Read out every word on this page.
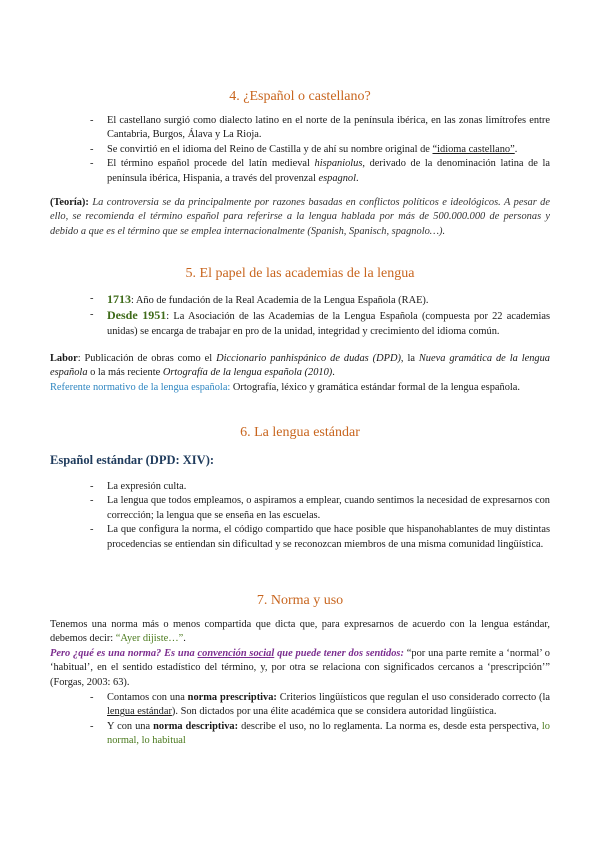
4. ¿Español o castellano?
- El castellano surgió como dialecto latino en el norte de la península ibérica, en las zonas limítrofes entre Cantabria, Burgos, Álava y La Rioja.
- Se convirtió en el idioma del Reino de Castilla y de ahí su nombre original de “idioma castellano”.
- El término español procede del latín medieval hispaniolus, derivado de la denominación latina de la península ibérica, Hispania, a través del provenzal espagnol.

(Teoría): La controversia se da principalmente por razones basadas en conflictos políticos e ideológicos. A pesar de ello, se recomienda el término español para referirse a la lengua hablada por más de 500.000.000 de personas y debido a que es el término que se emplea internacionalmente (Spanish, Spanisch, spagnolo…).

5. El papel de las academias de la lengua
- 1713: Año de fundación de la Real Academia de la Lengua Española (RAE).
- Desde 1951: La Asociación de las Academias de la Lengua Española (compuesta por 22 academias unidas) se encarga de trabajar en pro de la unidad, integridad y crecimiento del idioma común.

Labor: Publicación de obras como el Diccionario panhispánico de dudas (DPD), la Nueva gramática de la lengua española o la más reciente Ortografía de la lengua española (2010).

Referente normativo de la lengua española: Ortografía, léxico y gramática estándar formal de la lengua española.

6. La lengua estándar

Español estándar (DPD: XIV):

- La expresión culta.
- La lengua que todos empleamos, o aspiramos a emplear, cuando sentimos la necesidad de expresarnos con corrección; la lengua que se enseña en las escuelas.
- La que configura la norma, el código compartido que hace posible que hispanohablantes de muy distintas procedencias se entiendan sin dificultad y se reconozcan miembros de una misma comunidad lingüística.
7. Norma y uso

Tenemos una norma más o menos compartida que dicta que, para expresarnos de acuerdo con la lengua estándar, debemos decir: “Ayer dijiste…”.

Pero ¿qué es una norma? Es una convención social que puede tener dos sentidos: “por una parte remite a ‘normal’ o ‘habitual’, en el sentido estadístico del término, y, por otra se relaciona con significados cercanos a ‘prescripción’” (Forgas, 2003: 63).

- Contamos con una norma prescriptiva: Criterios lingüísticos que regulan el uso considerado correcto (la lengua estándar). Son dictados por una élite académica que se considera autoridad lingüística.
- Y con una norma descriptiva: describe el uso, no lo reglamenta. La norma es, desde esta perspectiva, lo normal, lo habitual
